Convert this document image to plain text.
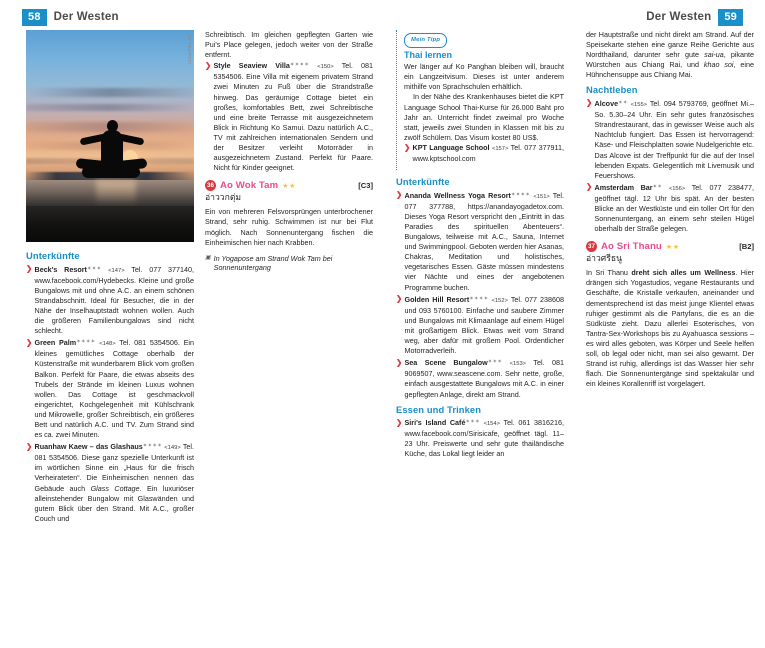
58	Der Westen	Der Westen	59
114xx/fdo, utr
Unterkünfte
❯ Beck's Resort✴✴✴ <147> Tel. 077 377140, www.facebook.com/Hydebecks. Kleine und große Bungalows mit und ohne A.C. an einem schönen Strandabschnitt. Ideal für Besucher, die in der Nähe der Inselhauptstadt wohnen wollen. Auch die größeren Familienbungalows sind nicht schlecht.
❯ Green Palm✴✴✴✴ <148> Tel. 081 5354506. Ein kleines gemütliches Cottage oberhalb der Küstenstraße mit wunderbarem Blick vom großen Balkon. Perfekt für Paare, die etwas abseits des Trubels der Strände im kleinen Luxus wohnen wollen. Das Cottage ist geschmackvoll eingerichtet, Kochgelegenheit mit Kühlschrank und Mikrowelle, großer Schreibtisch, ein größeres Bett und natürlich A.C. und TV. Zum Strand sind es ca. zwei Minuten.
❯ Ruanhaw Kaew – das Glashaus✴✴✴✴ <149> Tel. 081 5354506. Diese ganz spezielle Unterkunft ist im wörtlichen Sinne ein „Haus für die frisch Verheirateten“. Die Einheimischen nennen das Gebäude auch Glass Cottage. Ein luxuriöser alleinstehender Bungalow mit Glaswänden und gutem Blick über den Strand. Mit A.C., großer Couch und

Schreibtisch. Im gleichen gepflegten Garten wie Pui's Place gelegen, jedoch weiter von der Straße entfernt.

❯ Style Seaview Villa✴✴✴✴ <150> Tel. 081 5354506. Eine Villa mit eigenem privatem Strand zwei Minuten zu Fuß über die Strandstraße hinweg. Das geräumige Cottage bietet ein großes, komfortables Bett, zwei Schreibtische und eine breite Terrasse mit ausgezeichnetem Blick in Richtung Ko Samui. Dazu natürlich A.C., TV mit zahlreichen internationalen Sendern und der Besitzer verleiht Motorräder in ausgezeichnetem Zustand. Perfekt für Paare. Nicht für Kinder geeignet.
36 Ao Wok Tam ★★	[C3]
อ่าววกตุ่ม

Ein von mehreren Felsvorsprüngen unterbrochener Strand, sehr ruhig. Schwimmen ist nur bei Flut möglich. Nach Sonnenuntergang fischen die Einheimischen hier nach Krabben.

▣ In Yogapose am Strand Wok Tam bei Sonnenuntergang
Mein Tipp
Thai lernen

Wer länger auf Ko Panghan bleiben will, braucht ein Langzeitvisum. Dieses ist unter anderem mithilfe von Sprachschulen erhältlich.

In der Nähe des Krankenhauses bietet die KPT Language School Thai-Kurse für 26.000 Baht pro Jahr an. Unterricht findet zweimal pro Woche statt, jeweils zwei Stunden in Klassen mit bis zu zwölf Schülern. Das Visum kostet 80 US$.

❯ KPT Language School <157> Tel. 077 377911, www.kptschool.com
Unterkünfte
❯ Ananda Wellness Yoga Resort✴✴✴✴ <151> Tel. 077 377788, https://anandayogadetox.com. Dieses Yoga Resort verspricht den „Eintritt in das Paradies des spirituellen Abenteuers“. Bungalows, teilweise mit A.C., Sauna, Internet und Swimmingpool. Geboten werden hier Asanas, Chakras, Meditation und holistisches, vegetarisches Essen. Gäste müssen mindestens vier Nächte und eines der angebotenen Programme buchen.
❯ Golden Hill Resort✴✴✴✴ <152> Tel. 077 238608 und 093 5760100. Einfache und saubere Zimmer und Bungalows mit Klimaanlage auf einem Hügel mit großartigem Blick. Etwas weit vom Strand weg, aber dafür mit großem Pool. Ordentlicher Motorradverleih.
❯ Sea Scene Bungalow✴✴✴ <153> Tel. 081 9069507, www.seascene.com. Sehr nette, große, einfach ausgestattete Bungalows mit A.C. in einer gepflegten Anlage, direkt am Strand.
Essen und Trinken
❯ Siri's Island Café✴✴✴ <154> Tel. 061 3816216, www.facebook.com/Sirisicafe, geöffnet tägl. 11–23 Uhr. Preiswerte und sehr gute thailändische Küche, das Lokal liegt leider an

der Hauptstraße und nicht direkt am Strand. Auf der Speisekarte stehen eine ganze Reihe Gerichte aus Nordthailand, darunter sehr gute sai-ua, pikante Würstchen aus Chiang Rai, und khao soi, eine Hühnchensuppe aus Chiang Mai.

Nachtleben
❯ Alcove✴✴ <155> Tel. 094 5793769, geöffnet Mi.–So. 5.30–24 Uhr. Ein sehr gutes französisches Strandrestaurant, das in gewisser Weise auch als Nachtclub fungiert. Das Essen ist hervorragend: Käse- und Fleischplatten sowie Nudelgerichte etc. Das Alcove ist der Treffpunkt für die auf der Insel lebenden Expats. Gelegentlich mit Livemusik und Feuershows.
❯ Amsterdam Bar✴✴ <156> Tel. 077 238477, geöffnet tägl. 12 Uhr bis spät. An der besten Blicke an der Westküste und ein toller Ort für den Sonnenuntergang, an einem sehr steilen Hügel oberhalb der Straße gelegen.
37 Ao Sri Thanu ★★	[B2]
อ่าวศรีธนู

In Sri Thanu dreht sich alles um Wellness. Hier drängen sich Yogastudios, vegane Restaurants und Geschäfte, die Kristalle verkaufen, aneinander und dementsprechend ist das meist junge Klientel etwas ruhiger gestimmt als die Partyfans, die es an die Südküste zieht. Dazu allerlei Esoterisches, von Tantra-Sex-Workshops bis zu Ayahuasca sessions – es wird alles geboten, was Körper und Seele helfen soll, ob legal oder nicht, man sei also gewarnt. Der Strand ist ruhig, allerdings ist das Wasser hier sehr flach. Die Sonnenuntergänge sind spektakulär und ein kleines Korallenriff ist vorgelagert.
